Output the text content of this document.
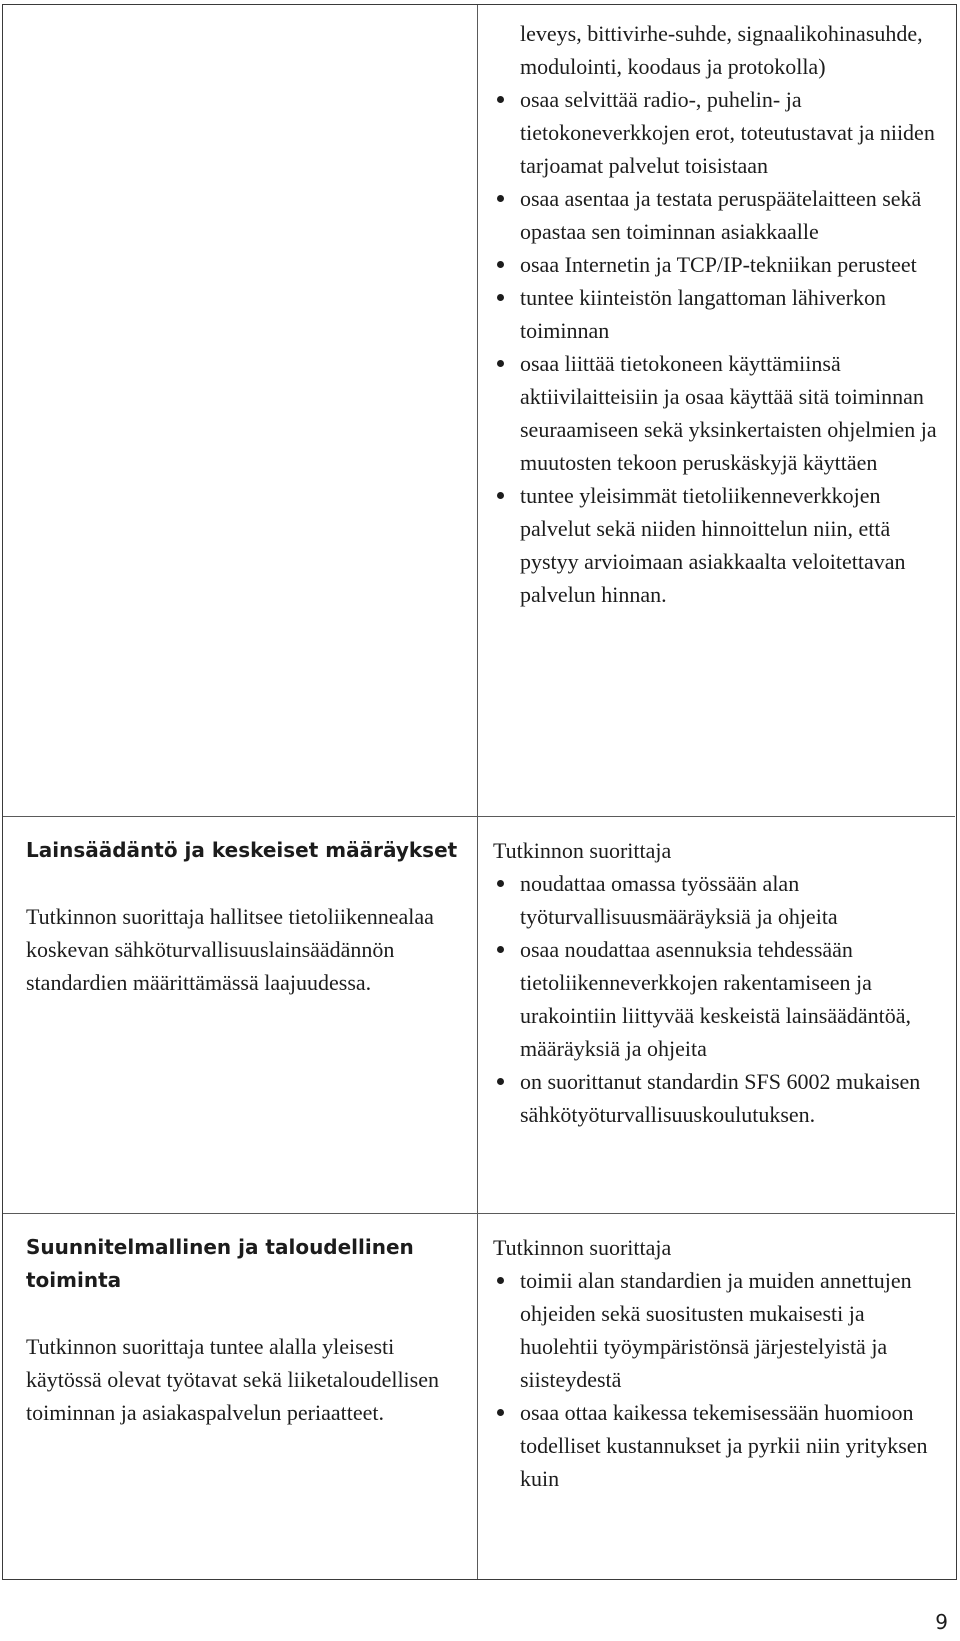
leveys, bittivirhe-suhde, signaalikohinasuhde, modulointi, koodaus ja protokolla)
osaa selvittää radio-, puhelin- ja tietokoneverkkojen erot, toteutustavat ja niiden tarjoamat palvelut toisistaan
osaa asentaa ja testata peruspäätelaitteen sekä opastaa sen toiminnan asiakkaalle
osaa Internetin ja TCP/IP-tekniikan perusteet
tuntee kiinteistön langattoman lähiverkon toiminnan
osaa liittää tietokoneen käyttämiinsä aktiivilaitteisiin ja osaa käyttää sitä toiminnan seuraamiseen sekä yksinkertaisten ohjelmien ja muutosten tekoon peruskäskyjä käyttäen
tuntee yleisimmät tietoliikenneverkkojen palvelut sekä niiden hinnoittelun niin, että pystyy arvioimaan asiakkaalta veloitettavan palvelun hinnan.

Lainsäädäntö ja keskeiset määräykset

Tutkinnon suorittaja hallitsee tietoliikennealaa koskevan sähköturvallisuuslainsäädännön standardien määrittämässä laajuudessa.

Tutkinnon suorittaja

noudattaa omassa työssään alan työturvallisuusmääräyksiä ja ohjeita
osaa noudattaa asennuksia tehdessään tietoliikenneverkkojen rakentamiseen ja urakointiin liittyvää keskeistä lainsäädäntöä, määräyksiä ja ohjeita
on suorittanut standardin SFS 6002 mukaisen sähkötyöturvallisuuskoulutuksen.

Suunnitelmallinen ja taloudellinen toiminta

Tutkinnon suorittaja tuntee alalla yleisesti käytössä olevat työtavat sekä liiketaloudellisen toiminnan ja asiakaspalvelun periaatteet.

Tutkinnon suorittaja

toimii alan standardien ja muiden annettujen ohjeiden sekä suositusten mukaisesti ja huolehtii työympäristönsä järjestelyistä ja siisteydestä
osaa ottaa kaikessa tekemisessään huomioon todelliset kustannukset ja pyrkii niin yrityksen kuin
9
